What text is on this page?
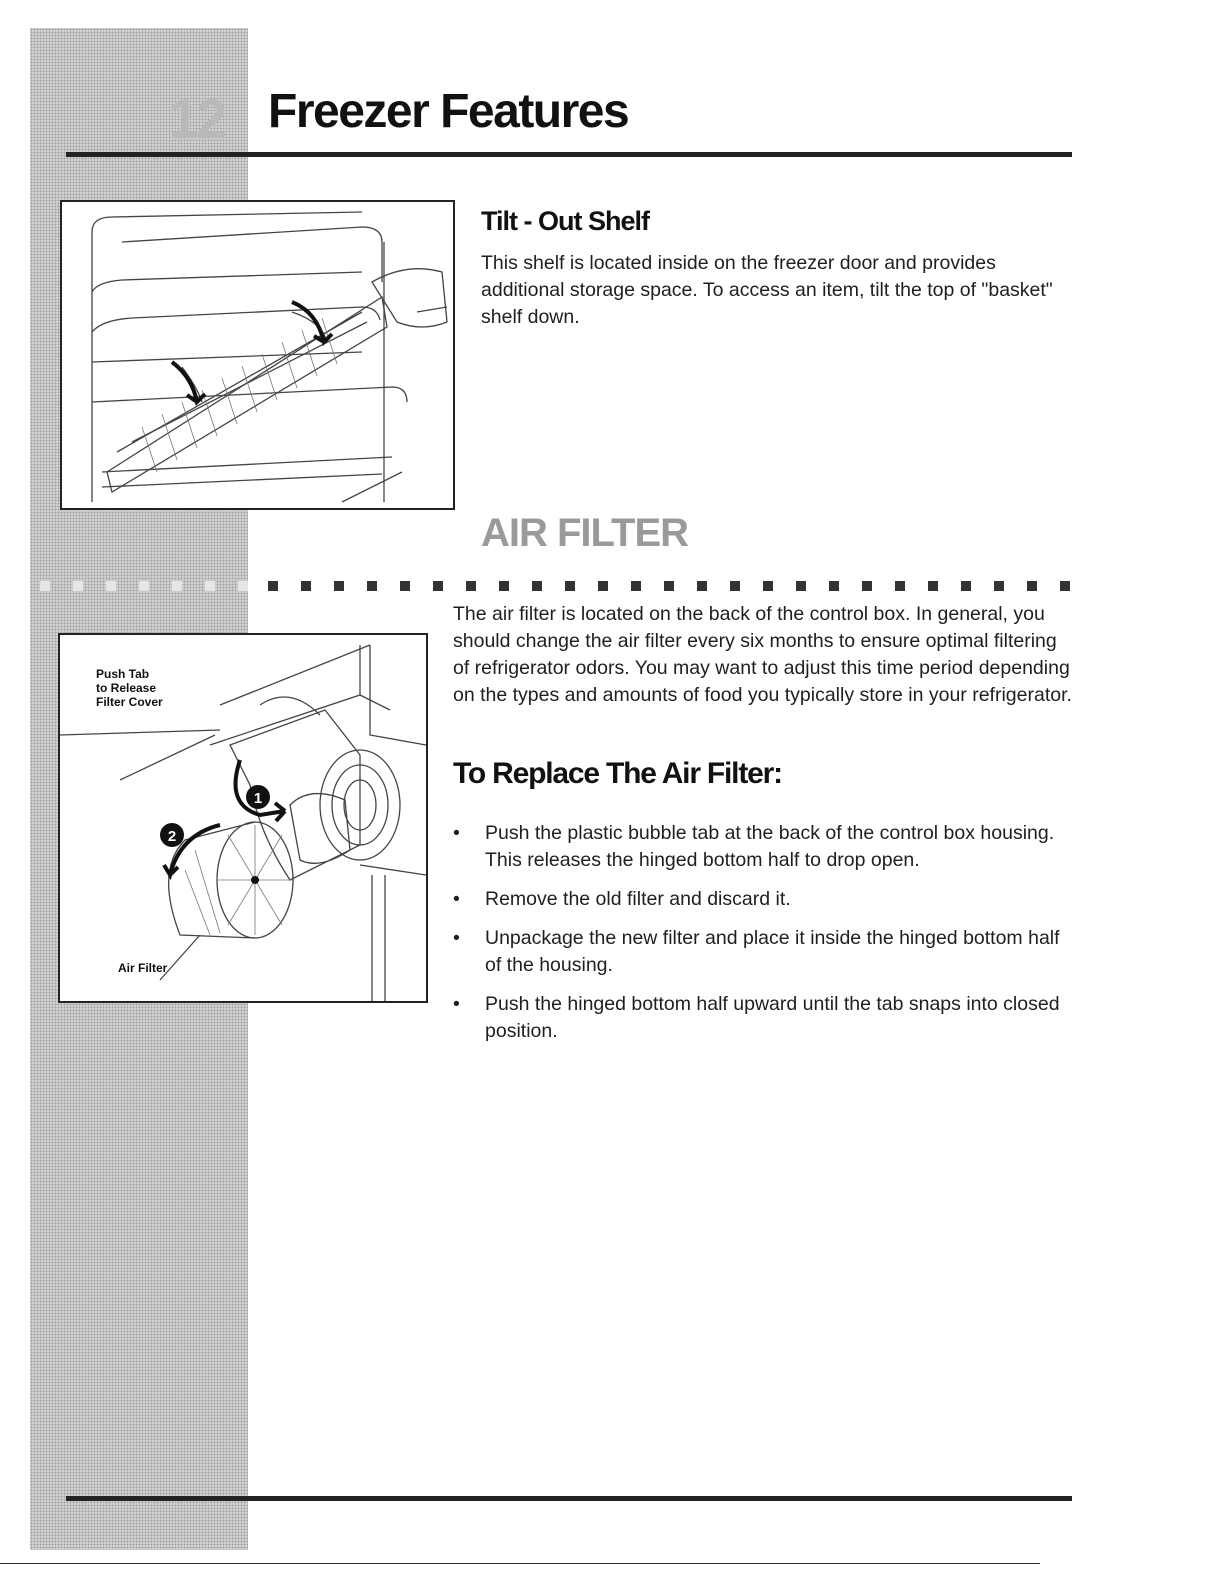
12 Freezer Features
Tilt - Out Shelf

This shelf is located inside on the freezer door and provides additional storage space. To access an item, tilt the top of "basket" shelf down.

AIR FILTER

The air filter is located on the back of the control box. In general, you should change the air filter every six months to ensure optimal filtering of refrigerator odors. You may want to adjust this time period depending on the types and amounts of food you typically store in your refrigerator.

1
2
Push Tab
to Release
Filter Cover
Air Filter
To Replace The Air Filter:
• Push the plastic bubble tab at the back of the control box housing. This releases the hinged bottom half to drop open.
• Remove the old filter and discard it.
• Unpackage the new filter and place it inside the hinged bottom half of the housing.
• Push the hinged bottom half upward until the tab snaps into closed position.
